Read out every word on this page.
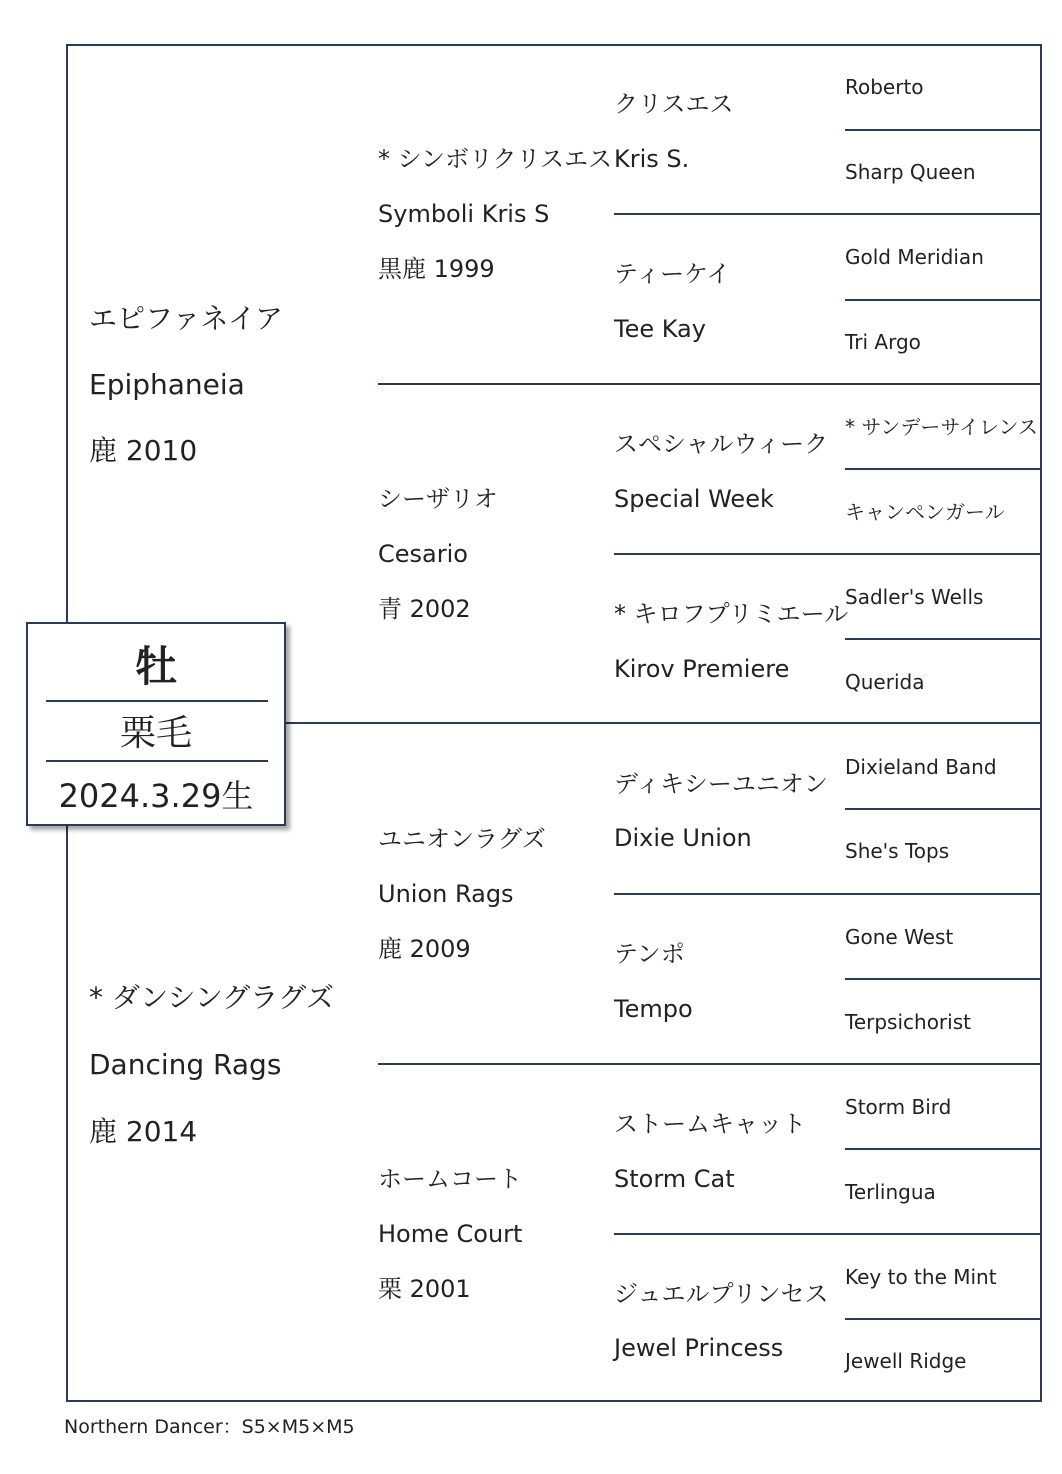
エピファネイア
Epiphaneia
鹿 2010
* ダンシングラグズ
Dancing Rags
鹿 2014
* シンボリクリスエス
Symboli Kris S
黒鹿 1999
シーザリオ
Cesario
青 2002
ユニオンラグズ
Union Rags
鹿 2009
ホームコート
Home Court
栗 2001
クリスエス
Kris S.
ティーケイ
Tee Kay
スペシャルウィーク
Special Week
* キロフプリミエール
Kirov Premiere
ディキシーユニオン
Dixie Union
テンポ
Tempo
ストームキャット
Storm Cat
ジュエルプリンセス
Jewel Princess
Roberto
Sharp Queen
Gold Meridian
Tri Argo
* サンデーサイレンス
キャンペンガール
Sadler's Wells
Querida
Dixieland Band
She's Tops
Gone West
Terpsichorist
Storm Bird
Terlingua
Key to the Mint
Jewell Ridge
牡
栗毛
2024.3.29生
Northern Dancer：S5×M5×M5
